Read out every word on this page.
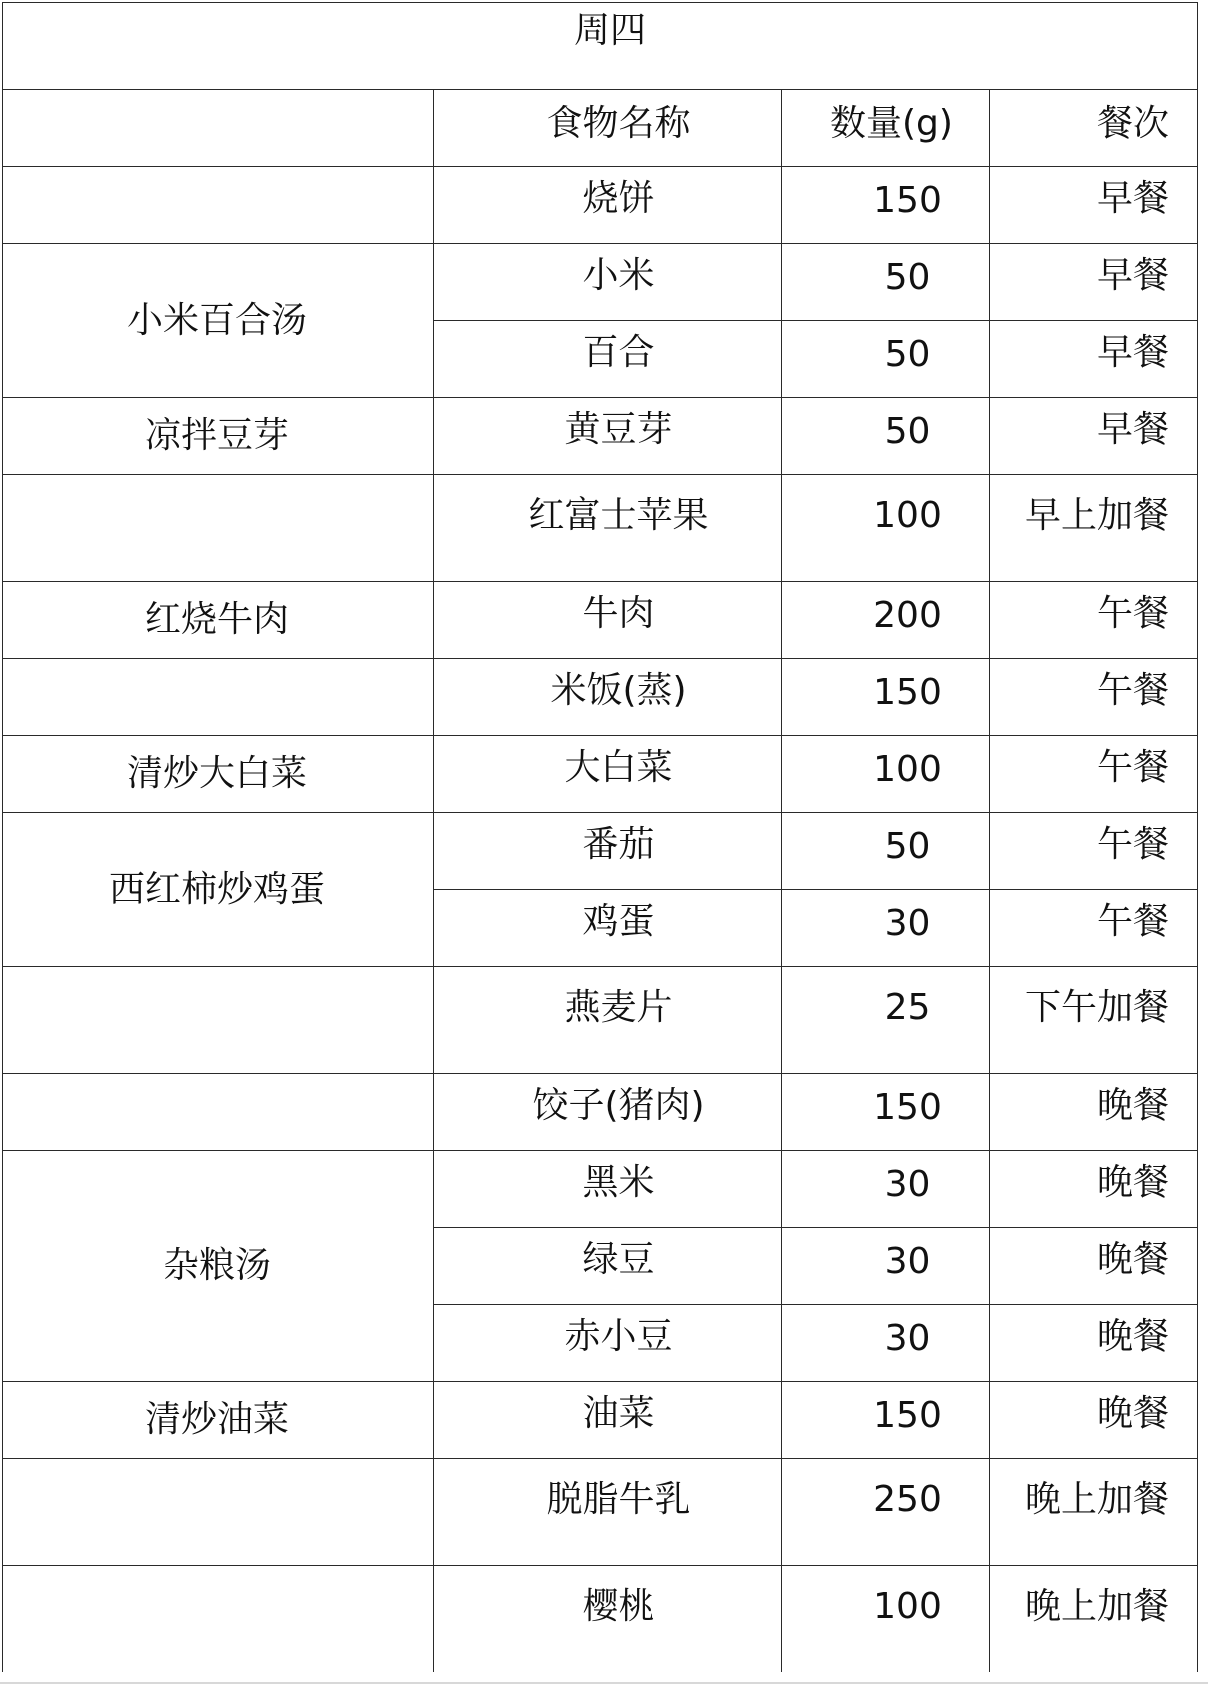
周四			
	食物名称	数量(g)	餐次
	烧饼	150	早餐
小米百合汤	小米	50	早餐
	百合	50	早餐
凉拌豆芽	黄豆芽	50	早餐
	红富士苹果	100	早上加餐
红烧牛肉	牛肉	200	午餐
	米饭(蒸)	150	午餐
清炒大白菜	大白菜	100	午餐
西红柿炒鸡蛋	番茄	50	午餐
	鸡蛋	30	午餐
	燕麦片	25	下午加餐
	饺子(猪肉)	150	晚餐
杂粮汤	黑米	30	晚餐
	绿豆	30	晚餐
	赤小豆	30	晚餐
清炒油菜	油菜	150	晚餐
	脱脂牛乳	250	晚上加餐
	樱桃	100	晚上加餐
